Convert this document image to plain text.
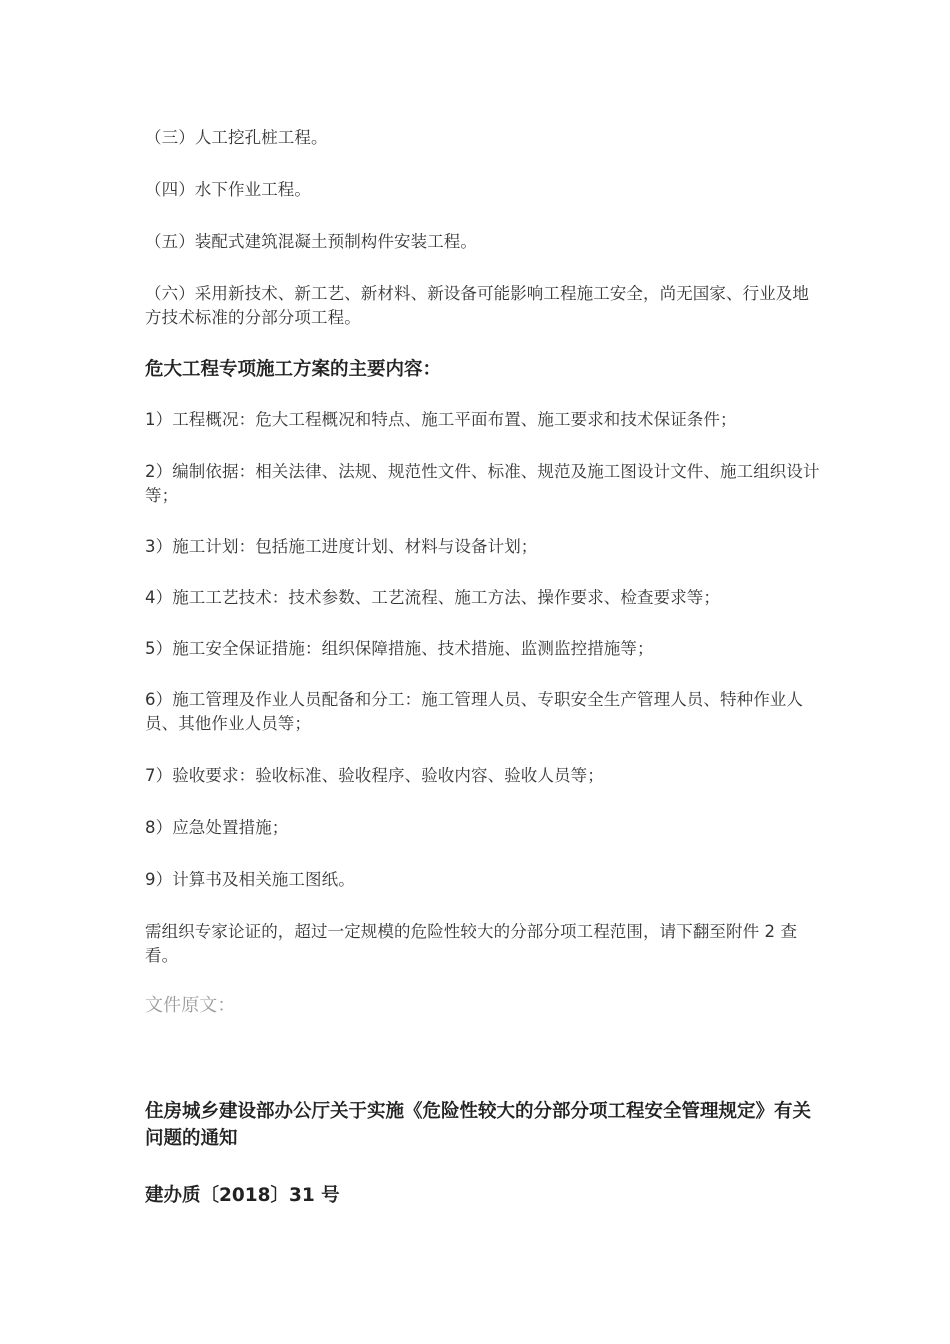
（三）人工挖孔桩工程。
（四）水下作业工程。
（五）装配式建筑混凝土预制构件安装工程。
（六）采用新技术、新工艺、新材料、新设备可能影响工程施工安全，尚无国家、行业及地方技术标准的分部分项工程。
危大工程专项施工方案的主要内容：
1）工程概况：危大工程概况和特点、施工平面布置、施工要求和技术保证条件；
2）编制依据：相关法律、法规、规范性文件、标准、规范及施工图设计文件、施工组织设计等；
3）施工计划：包括施工进度计划、材料与设备计划；
4）施工工艺技术：技术参数、工艺流程、施工方法、操作要求、检查要求等；
5）施工安全保证措施：组织保障措施、技术措施、监测监控措施等；
6）施工管理及作业人员配备和分工：施工管理人员、专职安全生产管理人员、特种作业人员、其他作业人员等；
7）验收要求：验收标准、验收程序、验收内容、验收人员等；
8）应急处置措施；
9）计算书及相关施工图纸。
需组织专家论证的，超过一定规模的危险性较大的分部分项工程范围，请下翻至附件 2 查看。
文件原文：
住房城乡建设部办公厅关于实施《危险性较大的分部分项工程安全管理规定》有关问题的通知
建办质〔2018〕31 号
